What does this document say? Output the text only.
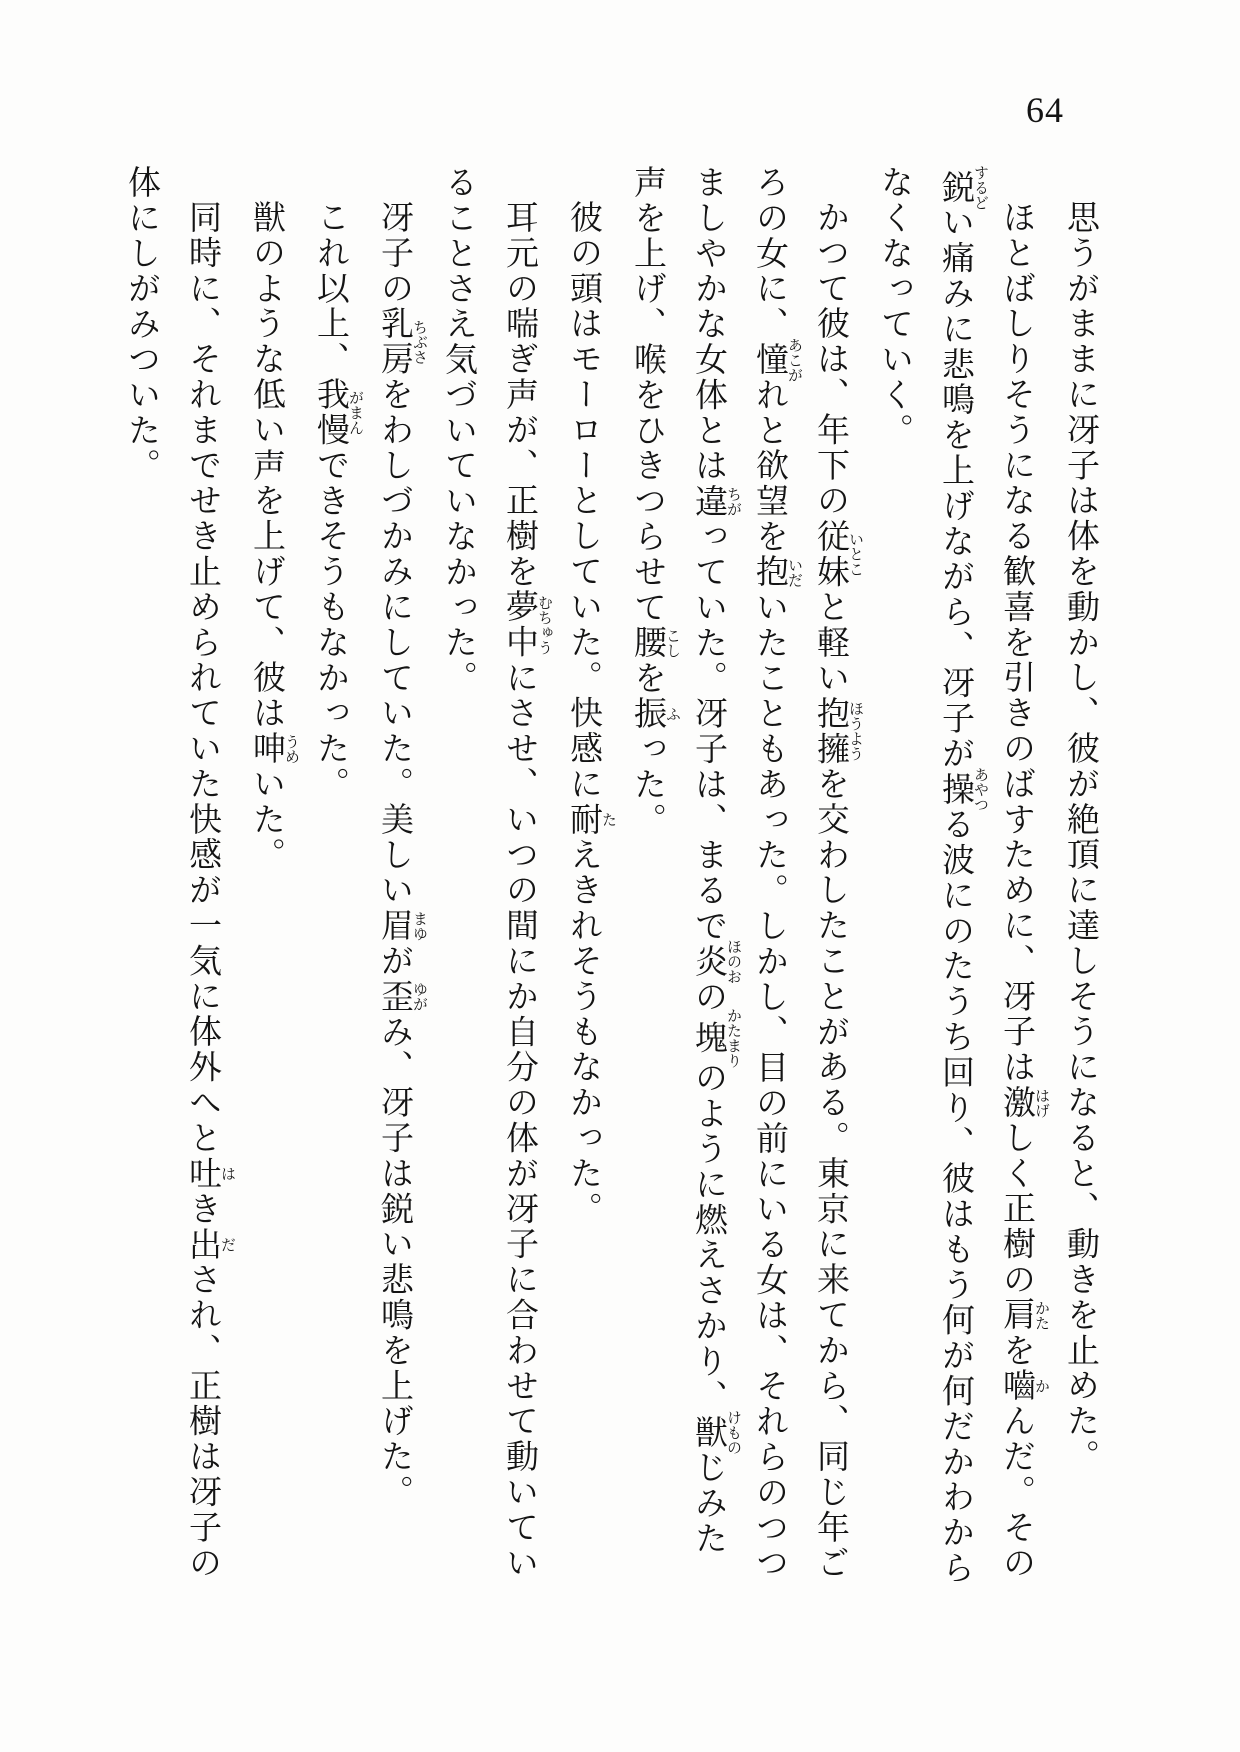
64

思うがままに冴子は体を動かし、彼が絶頂に達しそうになると、動きを止めた。

ほとばしりそうになる歓喜を引きのばすために、冴子は激 はげしく正樹の肩 かたを嚙 かんだ。その鋭 するどい痛みに悲鳴を上げながら、冴子が操 あやつる波にのたうち回り、彼はもう何が何だかわからなくなっていく。

かつて彼は、年下の従妹 いとこと軽い抱擁 ほうようを交わしたことがある。東京に来てから、同じ年ごろの女に、憧 あこがれと欲望を抱 いだいたこともあった。しかし、目の前にいる女は、それらのつつましやかな女体とは違 ちがっていた。冴子は、まるで炎 ほのおの塊 かたまりのように燃えさかり、獣 けものじみた声を上げ、喉をひきつらせて腰 こしを振 ふった。

彼の頭はモーローとしていた。快感に耐 たえきれそうもなかった。

耳元の喘ぎ声が、正樹を夢中 むちゅうにさせ、いつの間にか自分の体が冴子に合わせて動いていることさえ気づいていなかった。

冴子の乳房 ちぶさをわしづかみにしていた。美しい眉 まゆが歪 ゆがみ、冴子は鋭い悲鳴を上げた。

これ以上、我慢 がまんできそうもなかった。

獣のような低い声を上げて、彼は呻 うめいた。

同時に、それまでせき止められていた快感が一気に体外へと吐 はき出 だされ、正樹は冴子の体にしがみついた。
